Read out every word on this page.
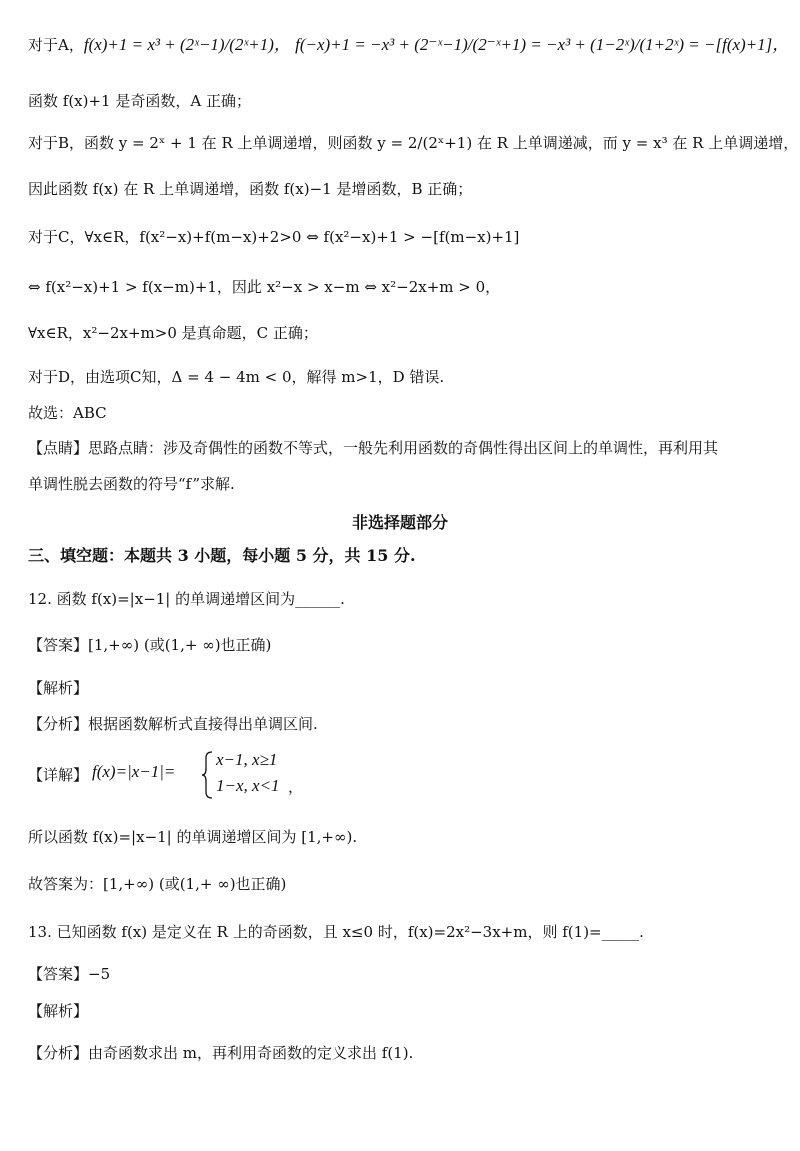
对于A，f(x)+1 = x³ + (2ˣ−1)/(2ˣ+1)， f(−x)+1 = −x³ + (2⁻ˣ−1)/(2⁻ˣ+1) = −x³ + (1−2ˣ)/(1+2ˣ) = −[f(x)+1]，
函数 f(x)+1 是奇函数，A 正确；
对于B，函数 y = 2ˣ + 1 在 R 上单调递增，则函数 y = 2/(2ˣ+1) 在 R 上单调递减，而 y = x³ 在 R 上单调递增，
因此函数 f(x) 在 R 上单调递增，函数 f(x)−1 是增函数，B 正确；
对于C，∀x∈R，f(x²−x)+f(m−x)+2>0 ⇔ f(x²−x)+1 > −[f(m−x)+1]
⇔ f(x²−x)+1 > f(x−m)+1，因此 x²−x > x−m ⇔ x²−2x+m > 0，
∀x∈R，x²−2x+m>0 是真命题，C 正确；
对于D，由选项C知，Δ = 4 − 4m < 0，解得 m>1，D 错误.
故选：ABC
【点睛】思路点睛：涉及奇偶性的函数不等式，一般先利用函数的奇偶性得出区间上的单调性，再利用其
单调性脱去函数的符号“f”求解.
非选择题部分
三、填空题：本题共 3 小题，每小题 5 分，共 15 分.
12. 函数 f(x)=|x−1| 的单调递增区间为______.
【答案】[1,+∞) (或(1,+ ∞)也正确)
【解析】
【分析】根据函数解析式直接得出单调区间.
【详解】 f(x)=|x−1|=
x−1, x≥1
1−x, x<1 ，
所以函数 f(x)=|x−1| 的单调递增区间为 [1,+∞).
故答案为：[1,+∞) (或(1,+ ∞)也正确)
13. 已知函数 f(x) 是定义在 R 上的奇函数，且 x≤0 时，f(x)=2x²−3x+m，则 f(1)=_____.
【答案】−5
【解析】
【分析】由奇函数求出 m，再利用奇函数的定义求出 f(1).
